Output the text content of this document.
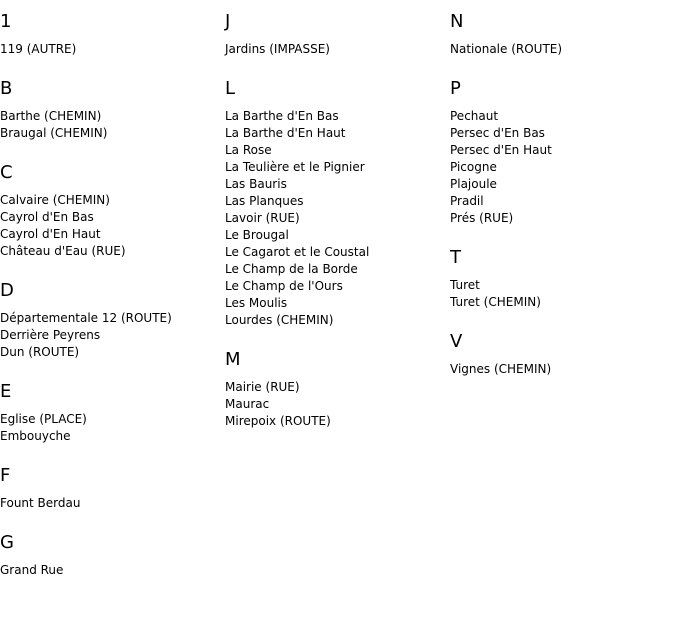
1
119 (AUTRE)
B
Barthe (CHEMIN)
Braugal (CHEMIN)
C
Calvaire (CHEMIN)
Cayrol d'En Bas
Cayrol d'En Haut
Château d'Eau (RUE)
D
Départementale 12 (ROUTE)
Derrière Peyrens
Dun (ROUTE)
E
Eglise (PLACE)
Embouyche
F
Fount Berdau
G
Grand Rue
J
Jardins (IMPASSE)
L
La Barthe d'En Bas
La Barthe d'En Haut
La Rose
La Teulière et le Pignier
Las Bauris
Las Planques
Lavoir (RUE)
Le Brougal
Le Cagarot et le Coustal
Le Champ de la Borde
Le Champ de l'Ours
Les Moulis
Lourdes (CHEMIN)
M
Mairie (RUE)
Maurac
Mirepoix (ROUTE)
N
Nationale (ROUTE)
P
Pechaut
Persec d'En Bas
Persec d'En Haut
Picogne
Plajoule
Pradil
Prés (RUE)
T
Turet
Turet (CHEMIN)
V
Vignes (CHEMIN)
